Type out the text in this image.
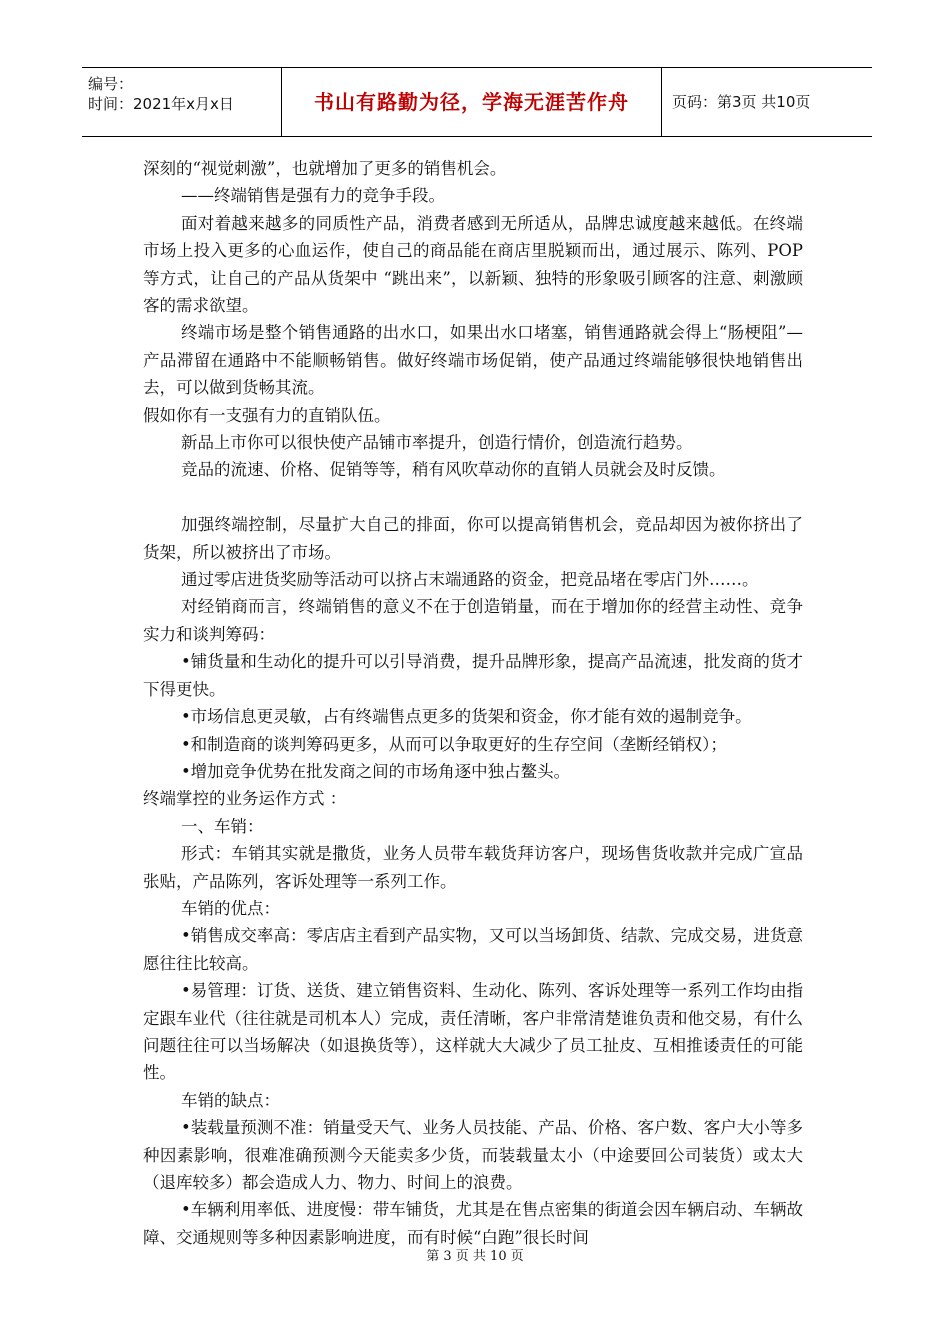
编号：
时间：2021年x月x日	书山有路勤为径，学海无涯苦作舟	页码：第3页 共10页

深刻的“视觉刺激”，也就增加了更多的销售机会。

——终端销售是强有力的竞争手段。

面对着越来越多的同质性产品，消费者感到无所适从，品牌忠诚度越来越低。在终端市场上投入更多的心血运作，使自己的商品能在商店里脱颖而出，通过展示、陈列、POP等方式，让自己的产品从货架中 “跳出来”，以新颖、独特的形象吸引顾客的注意、刺激顾客的需求欲望。

终端市场是整个销售通路的出水口，如果出水口堵塞，销售通路就会得上“肠梗阻”—产品滞留在通路中不能顺畅销售。做好终端市场促销，使产品通过终端能够很快地销售出去，可以做到货畅其流。

假如你有一支强有力的直销队伍。

新品上市你可以很快使产品铺市率提升，创造行情价，创造流行趋势。

竞品的流速、价格、促销等等，稍有风吹草动你的直销人员就会及时反馈。

加强终端控制，尽量扩大自己的排面，你可以提高销售机会，竞品却因为被你挤出了货架，所以被挤出了市场。

通过零店进货奖励等活动可以挤占末端通路的资金，把竞品堵在零店门外……。

对经销商而言，终端销售的意义不在于创造销量，而在于增加你的经营主动性、竞争实力和谈判筹码：

•铺货量和生动化的提升可以引导消费，提升品牌形象，提高产品流速，批发商的货才下得更快。

•市场信息更灵敏，占有终端售点更多的货架和资金，你才能有效的遏制竞争。

•和制造商的谈判筹码更多，从而可以争取更好的生存空间（垄断经销权）；

•增加竞争优势在批发商之间的市场角逐中独占鳌头。

终端掌控的业务运作方式 ：

一、车销：

形式：车销其实就是撒货，业务人员带车载货拜访客户，现场售货收款并完成广宣品张贴，产品陈列，客诉处理等一系列工作。

车销的优点：

•销售成交率高：零店店主看到产品实物，又可以当场卸货、结款、完成交易，进货意愿往往比较高。

•易管理：订货、送货、建立销售资料、生动化、陈列、客诉处理等一系列工作均由指定跟车业代（往往就是司机本人）完成，责任清晰，客户非常清楚谁负责和他交易，有什么问题往往可以当场解决（如退换货等），这样就大大减少了员工扯皮、互相推诿责任的可能性。

车销的缺点：

•装载量预测不准：销量受天气、业务人员技能、产品、价格、客户数、客户大小等多种因素影响，很难准确预测今天能卖多少货，而装载量太小（中途要回公司装货）或太大（退库较多）都会造成人力、物力、时间上的浪费。

•车辆利用率低、进度慢：带车铺货，尤其是在售点密集的街道会因车辆启动、车辆故障、交通规则等多种因素影响进度，而有时候“白跑”很长时间

第 3 页 共 10 页
